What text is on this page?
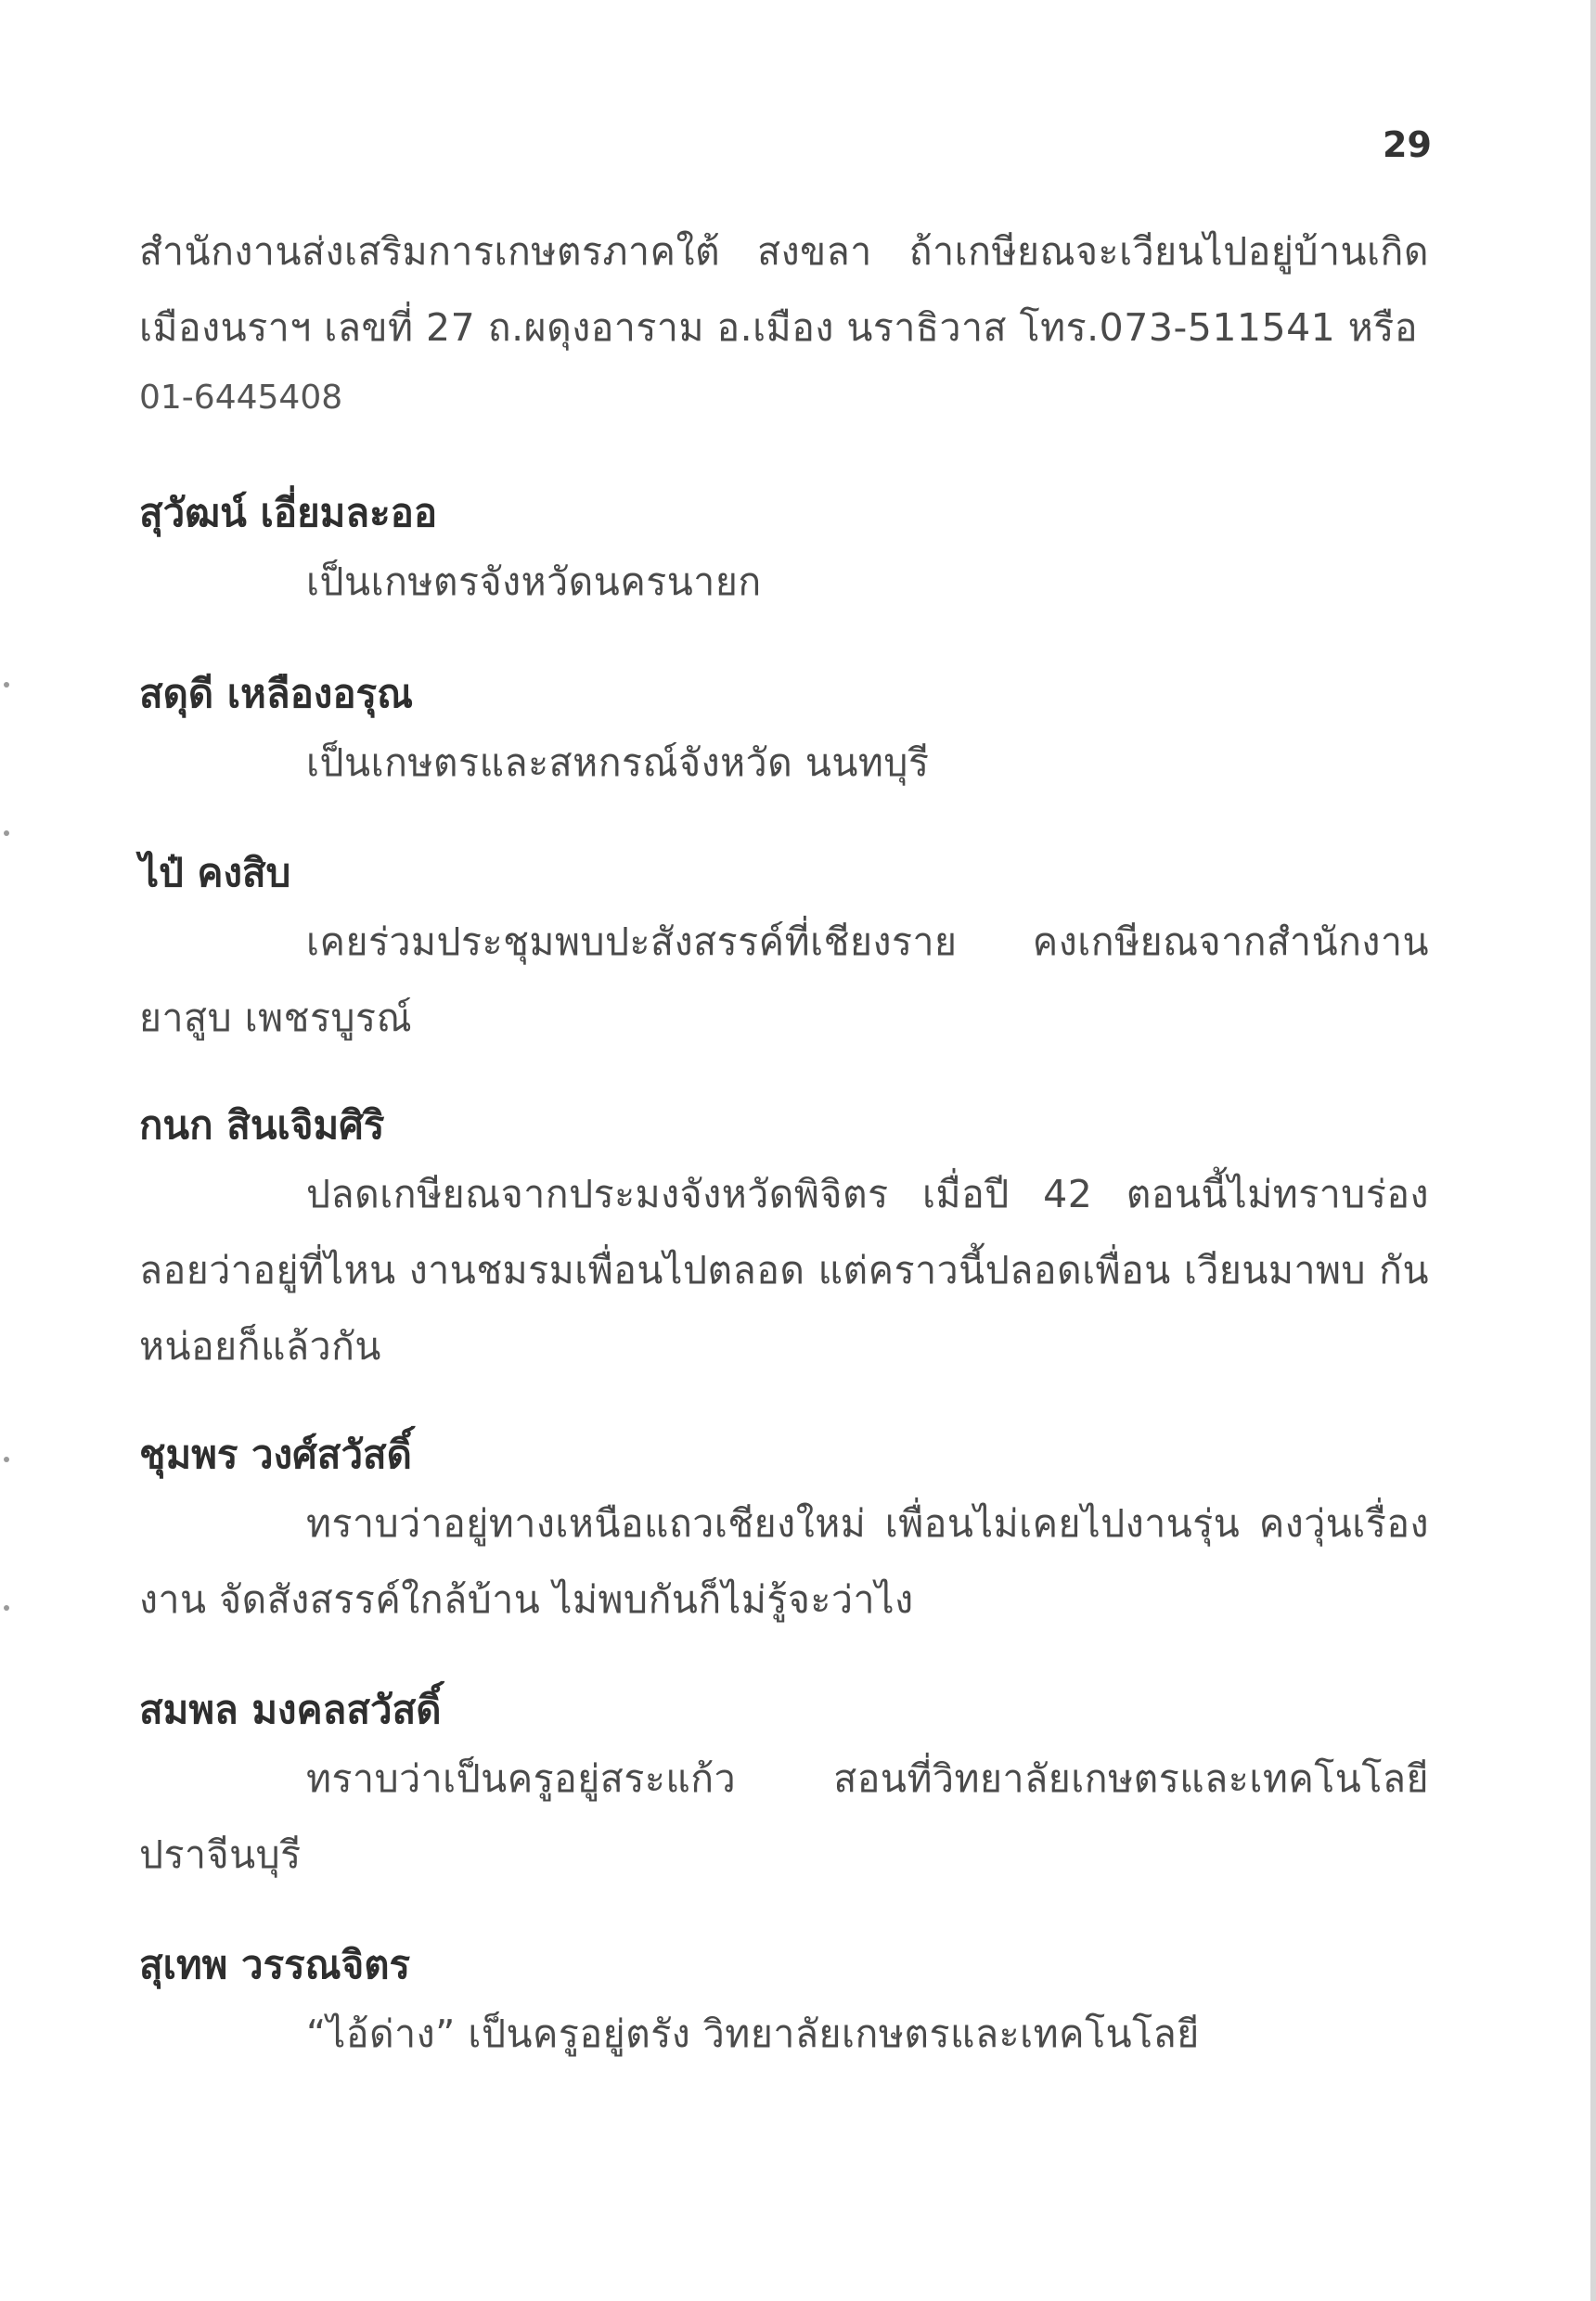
29

สำนักงานส่งเสริมการเกษตรภาคใต้ สงขลา ถ้าเกษียณจะเวียนไปอยู่บ้านเกิด เมืองนราฯ เลขที่ 27 ถ.ผดุงอาราม อ.เมือง นราธิวาส โทร.073-511541 หรือ

01-6445408
สุวัฒน์ เอี่ยมละออ

เป็นเกษตรจังหวัดนครนายก

สดุดี เหลืองอรุณ

เป็นเกษตรและสหกรณ์จังหวัด นนทบุรี

ไป๋ คงสิบ

เคยร่วมประชุมพบปะสังสรรค์ที่เชียงราย คงเกษียณจากสำนักงาน ยาสูบ เพชรบูรณ์

กนก สินเจิมศิริ

ปลดเกษียณจากประมงจังหวัดพิจิตร เมื่อปี 42 ตอนนี้ไม่ทราบร่อง ลอยว่าอยู่ที่ไหน งานชมรมเพื่อนไปตลอด แต่คราวนี้ปลอดเพื่อน เวียนมาพบ กันหน่อยก็แล้วกัน

ชุมพร วงศ์สวัสดิ์

ทราบว่าอยู่ทางเหนือแถวเชียงใหม่ เพื่อนไม่เคยไปงานรุ่น คงวุ่นเรื่อง งาน จัดสังสรรค์ใกล้บ้าน ไม่พบกันก็ไม่รู้จะว่าไง

สมพล มงคลสวัสดิ์

ทราบว่าเป็นครูอยู่สระแก้ว สอนที่วิทยาลัยเกษตรและเทคโนโลยี ปราจีนบุรี

สุเทพ วรรณจิตร

“ไอ้ด่าง” เป็นครูอยู่ตรัง วิทยาลัยเกษตรและเทคโนโลยี
